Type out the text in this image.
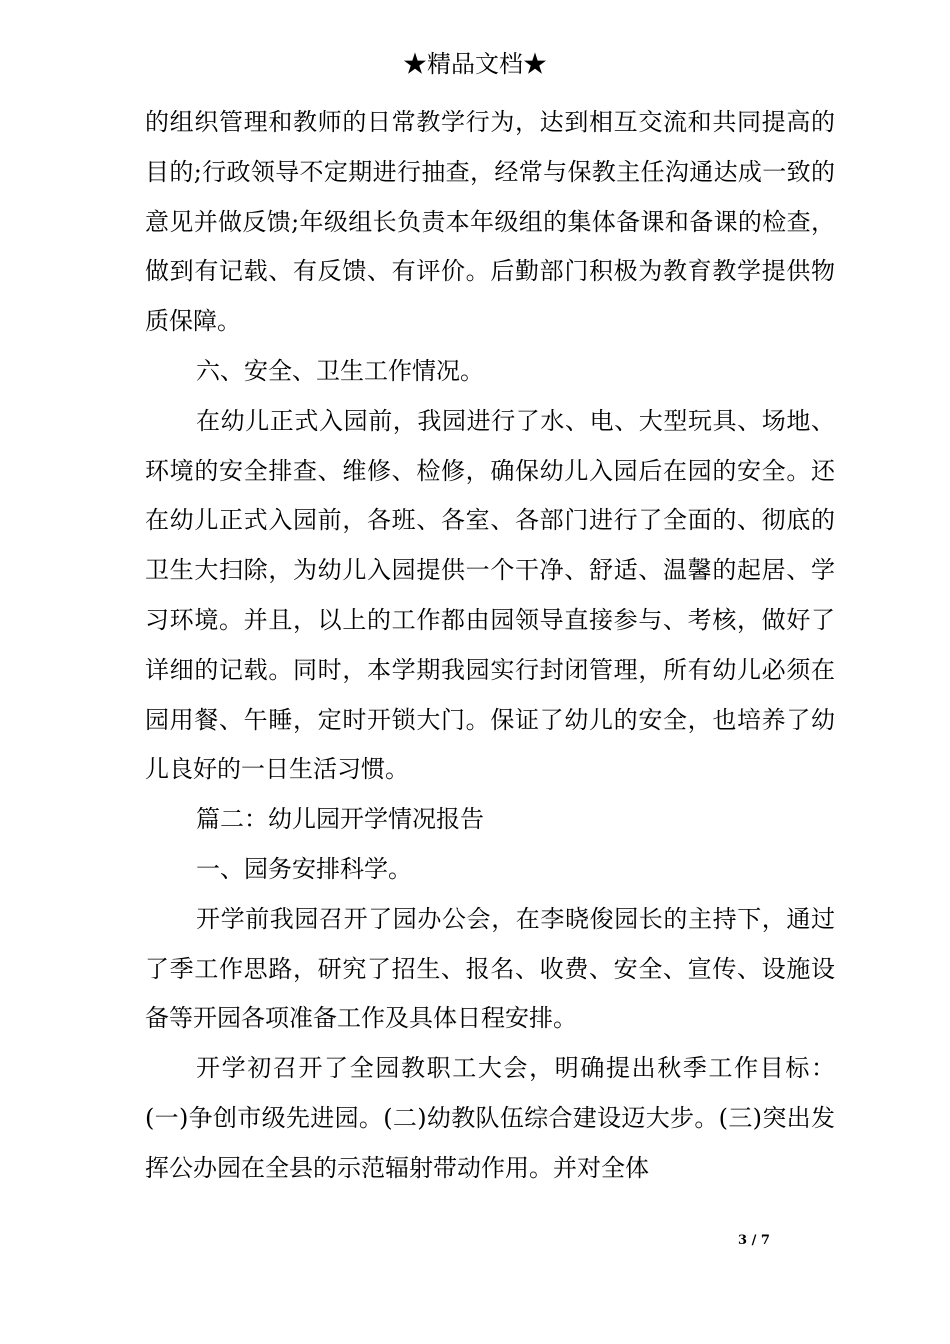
★精品文档★

的组织管理和教师的日常教学行为，达到相互交流和共同提高的目的;行政领导不定期进行抽查，经常与保教主任沟通达成一致的意见并做反馈;年级组长负责本年级组的集体备课和备课的检查，做到有记载、有反馈、有评价。后勤部门积极为教育教学提供物质保障。

六、安全、卫生工作情况。

在幼儿正式入园前，我园进行了水、电、大型玩具、场地、环境的安全排查、维修、检修，确保幼儿入园后在园的安全。还在幼儿正式入园前，各班、各室、各部门进行了全面的、彻底的卫生大扫除，为幼儿入园提供一个干净、舒适、温馨的起居、学习环境。并且，以上的工作都由园领导直接参与、考核，做好了详细的记载。同时，本学期我园实行封闭管理，所有幼儿必须在园用餐、午睡，定时开锁大门。保证了幼儿的安全，也培养了幼儿良好的一日生活习惯。

篇二：幼儿园开学情况报告

一、园务安排科学。

开学前我园召开了园办公会，在李晓俊园长的主持下，通过了季工作思路，研究了招生、报名、收费、安全、宣传、设施设备等开园各项准备工作及具体日程安排。

开学初召开了全园教职工大会，明确提出秋季工作目标：(一)争创市级先进园。(二)幼教队伍综合建设迈大步。(三)突出发挥公办园在全县的示范辐射带动作用。并对全体

3 / 7
